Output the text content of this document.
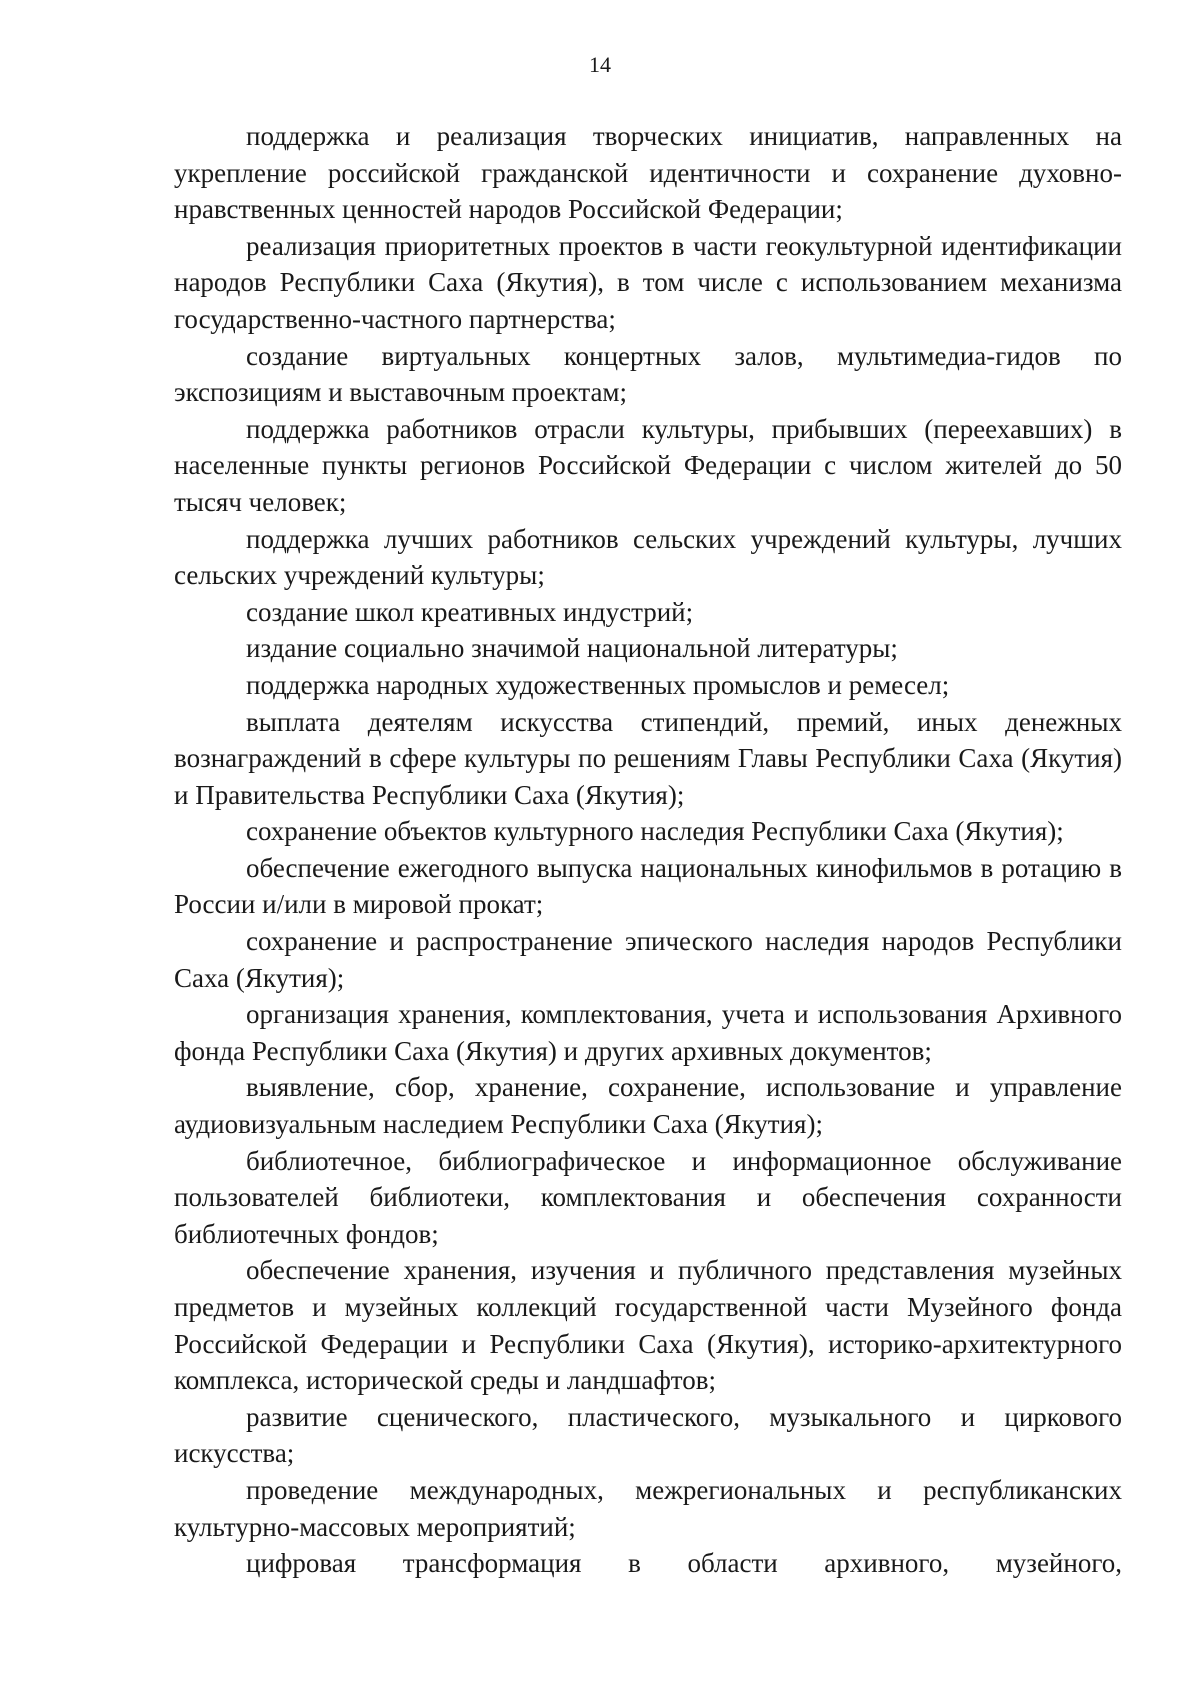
14

поддержка и реализация творческих инициатив, направленных на укрепление российской гражданской идентичности и сохранение духовно-нравственных ценностей народов Российской Федерации;

реализация приоритетных проектов в части геокультурной идентификации народов Республики Саха (Якутия), в том числе с использованием механизма государственно-частного партнерства;

создание виртуальных концертных залов, мультимедиа-гидов по экспозициям и выставочным проектам;

поддержка работников отрасли культуры, прибывших (переехавших) в населенные пункты регионов Российской Федерации с числом жителей до 50 тысяч человек;

поддержка лучших работников сельских учреждений культуры, лучших сельских учреждений культуры;

создание школ креативных индустрий;

издание социально значимой национальной литературы;

поддержка народных художественных промыслов и ремесел;

выплата деятелям искусства стипендий, премий, иных денежных вознаграждений в сфере культуры по решениям Главы Республики Саха (Якутия) и Правительства Республики Саха (Якутия);

сохранение объектов культурного наследия Республики Саха (Якутия);

обеспечение ежегодного выпуска национальных кинофильмов в ротацию в России и/или в мировой прокат;

сохранение и распространение эпического наследия народов Республики Саха (Якутия);

организация хранения, комплектования, учета и использования Архивного фонда Республики Саха (Якутия) и других архивных документов;

выявление, сбор, хранение, сохранение, использование и управление аудиовизуальным наследием Республики Саха (Якутия);

библиотечное, библиографическое и информационное обслуживание пользователей библиотеки, комплектования и обеспечения сохранности библиотечных фондов;

обеспечение хранения, изучения и публичного представления музейных предметов и музейных коллекций государственной части Музейного фонда Российской Федерации и Республики Саха (Якутия), историко-архитектурного комплекса, исторической среды и ландшафтов;

развитие сценического, пластического, музыкального и циркового искусства;

проведение международных, межрегиональных и республиканских культурно-массовых мероприятий;

цифровая трансформация в области архивного, музейного,
